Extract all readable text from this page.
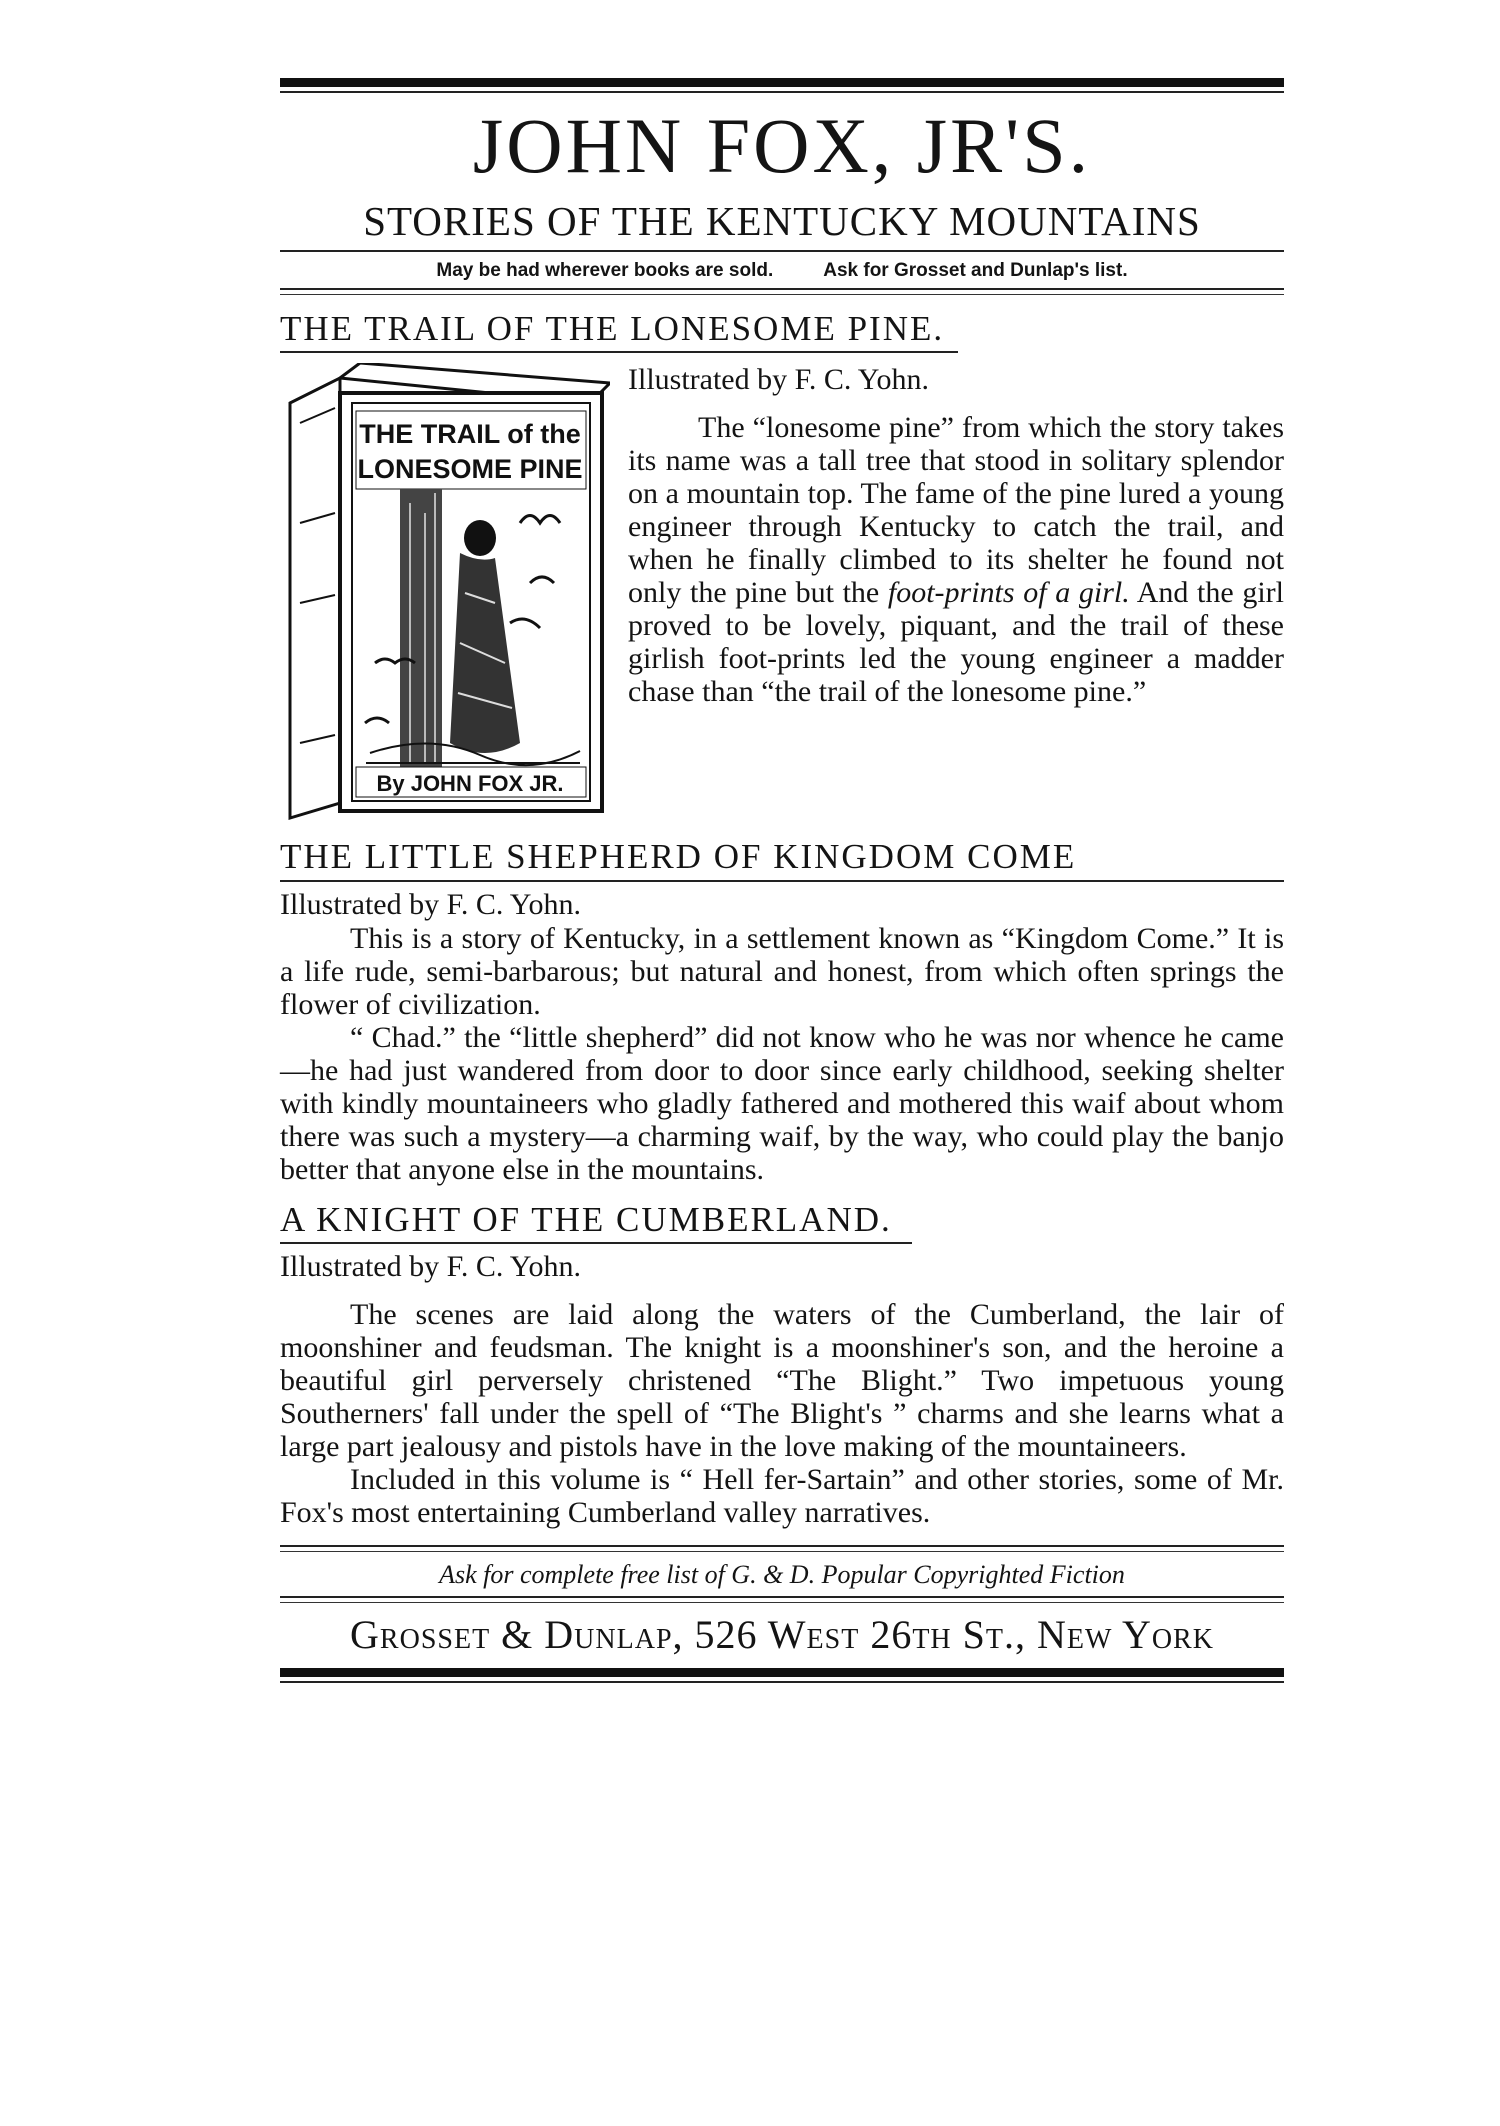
JOHN FOX, JR'S.
STORIES OF THE KENTUCKY MOUNTAINS
May be had wherever books are sold.	Ask for Grosset and Dunlap's list.
THE TRAIL OF THE LONESOME PINE.
THE TRAIL of the
LONESOME PINE
By JOHN FOX JR.
Illustrated by F. C. Yohn.

The “lonesome pine” from which the story takes its name was a tall tree that stood in solitary splendor on a mountain top. The fame of the pine lured a young engineer through Kentucky to catch the trail, and when he finally climbed to its shelter he found not only the pine but the foot-prints of a girl. And the girl proved to be lovely, piquant, and the trail of these girlish foot-prints led the young engineer a madder chase than “the trail of the lonesome pine.”

THE LITTLE SHEPHERD OF KINGDOM COME
Illustrated by F. C. Yohn.

This is a story of Kentucky, in a settlement known as “Kingdom Come.” It is a life rude, semi-barbarous; but natural and honest, from which often springs the flower of civilization.

“ Chad.” the “little shepherd” did not know who he was nor whence he came—he had just wandered from door to door since early childhood, seeking shelter with kindly mountaineers who gladly fathered and mothered this waif about whom there was such a mystery—a charming waif, by the way, who could play the banjo better that anyone else in the mountains.

A KNIGHT OF THE CUMBERLAND.
Illustrated by F. C. Yohn.

The scenes are laid along the waters of the Cumberland, the lair of moonshiner and feudsman. The knight is a moonshiner's son, and the heroine a beautiful girl perversely christened “The Blight.” Two impetuous young Southerners' fall under the spell of “The Blight's ” charms and she learns what a large part jealousy and pistols have in the love making of the mountaineers.

Included in this volume is “ Hell fer-Sartain” and other stories, some of Mr. Fox's most entertaining Cumberland valley narratives.

Ask for complete free list of G. & D. Popular Copyrighted Fiction
Grosset & Dunlap, 526 West 26th St., New York
